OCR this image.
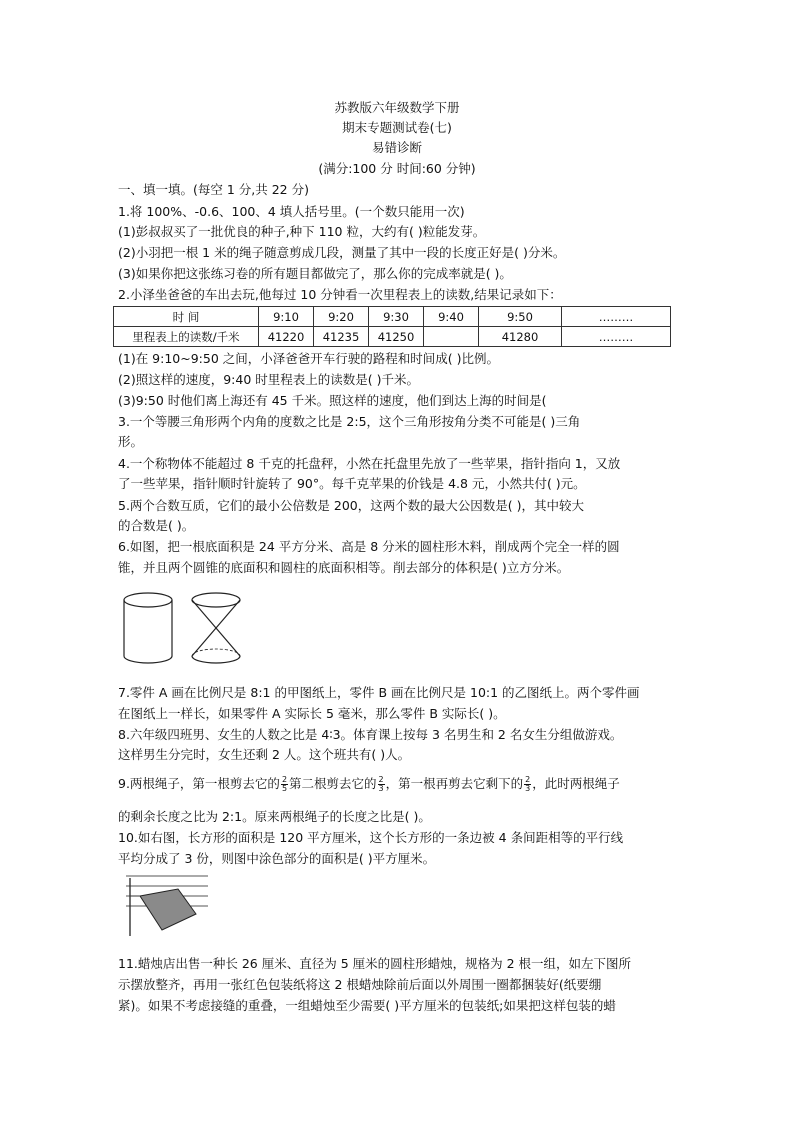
苏教版六年级数学下册
期末专题测试卷(七)
易错诊断
(满分:100 分 时间:60 分钟)
一、填一填。(每空 1 分,共 22 分)
1.将 100%、-0.6、100、4 填人括号里。(一个数只能用一次)
(1)彭叔叔买了一批优良的种子,种下 110 粒，大约有( )粒能发芽。
(2)小羽把一根 1 米的绳子随意剪成几段，测量了其中一段的长度正好是( )分米。
(3)如果你把这张练习卷的所有题目都做完了，那么你的完成率就是( )。
2.小泽坐爸爸的车出去玩,他每过 10 分钟看一次里程表上的读数,结果记录如下：
时 间	9:10	9:20	9:30	9:40	9:50	………
里程表上的读数/千米	41220	41235	41250		41280	………
(1)在 9:10~9:50 之间，小泽爸爸开车行驶的路程和时间成( )比例。
(2)照这样的速度，9:40 时里程表上的读数是( )千米。
(3)9:50 时他们离上海还有 45 千米。照这样的速度，他们到达上海的时间是(
3.一个等腰三角形两个内角的度数之比是 2:5，这个三角形按角分类不可能是( )三角
形。
4.一个称物体不能超过 8 千克的托盘秤，小然在托盘里先放了一些苹果，指针指向 1，又放
了一些苹果，指针顺时针旋转了 90°。每千克苹果的价钱是 4.8 元，小然共付( )元。
5.两个合数互质，它们的最小公倍数是 200，这两个数的最大公因数是( )，其中较大
的合数是( )。
6.如图，把一根底面积是 24 平方分米、高是 8 分米的圆柱形木料，削成两个完全一样的圆
锥，并且两个圆锥的底面积和圆柱的底面积相等。削去部分的体积是( )立方分米。
7.零件 A 画在比例尺是 8:1 的甲图纸上，零件 B 画在比例尺是 10:1 的乙图纸上。两个零件画
在图纸上一样长，如果零件 A 实际长 5 毫米，那么零件 B 实际长( )。
8.六年级四班男、女生的人数之比是 4∶3。体育课上按每 3 名男生和 2 名女生分组做游戏。
这样男生分完时，女生还剩 2 人。这个班共有( )人。
9.两根绳子，第一根剪去它的 $\frac{2}{5}$ 第二根剪去它的 $\frac{2}{3}$ ，第一根再剪去它剩下的 $\frac{2}{3}$ ，此时两根绳子
的剩余长度之比为 2:1。原来两根绳子的长度之比是( )。
10.如右图，长方形的面积是 120 平方厘米，这个长方形的一条边被 4 条间距相等的平行线
平均分成了 3 份，则图中涂色部分的面积是( )平方厘米。
11.蜡烛店出售一种长 26 厘米、直径为 5 厘米的圆柱形蜡烛，规格为 2 根一组，如左下图所
示摆放整齐，再用一张红色包装纸将这 2 根蜡烛除前后面以外周围一圈都捆装好(纸要绷
紧)。如果不考虑接缝的重叠，一组蜡烛至少需要( )平方厘米的包装纸;如果把这样包装的蜡
